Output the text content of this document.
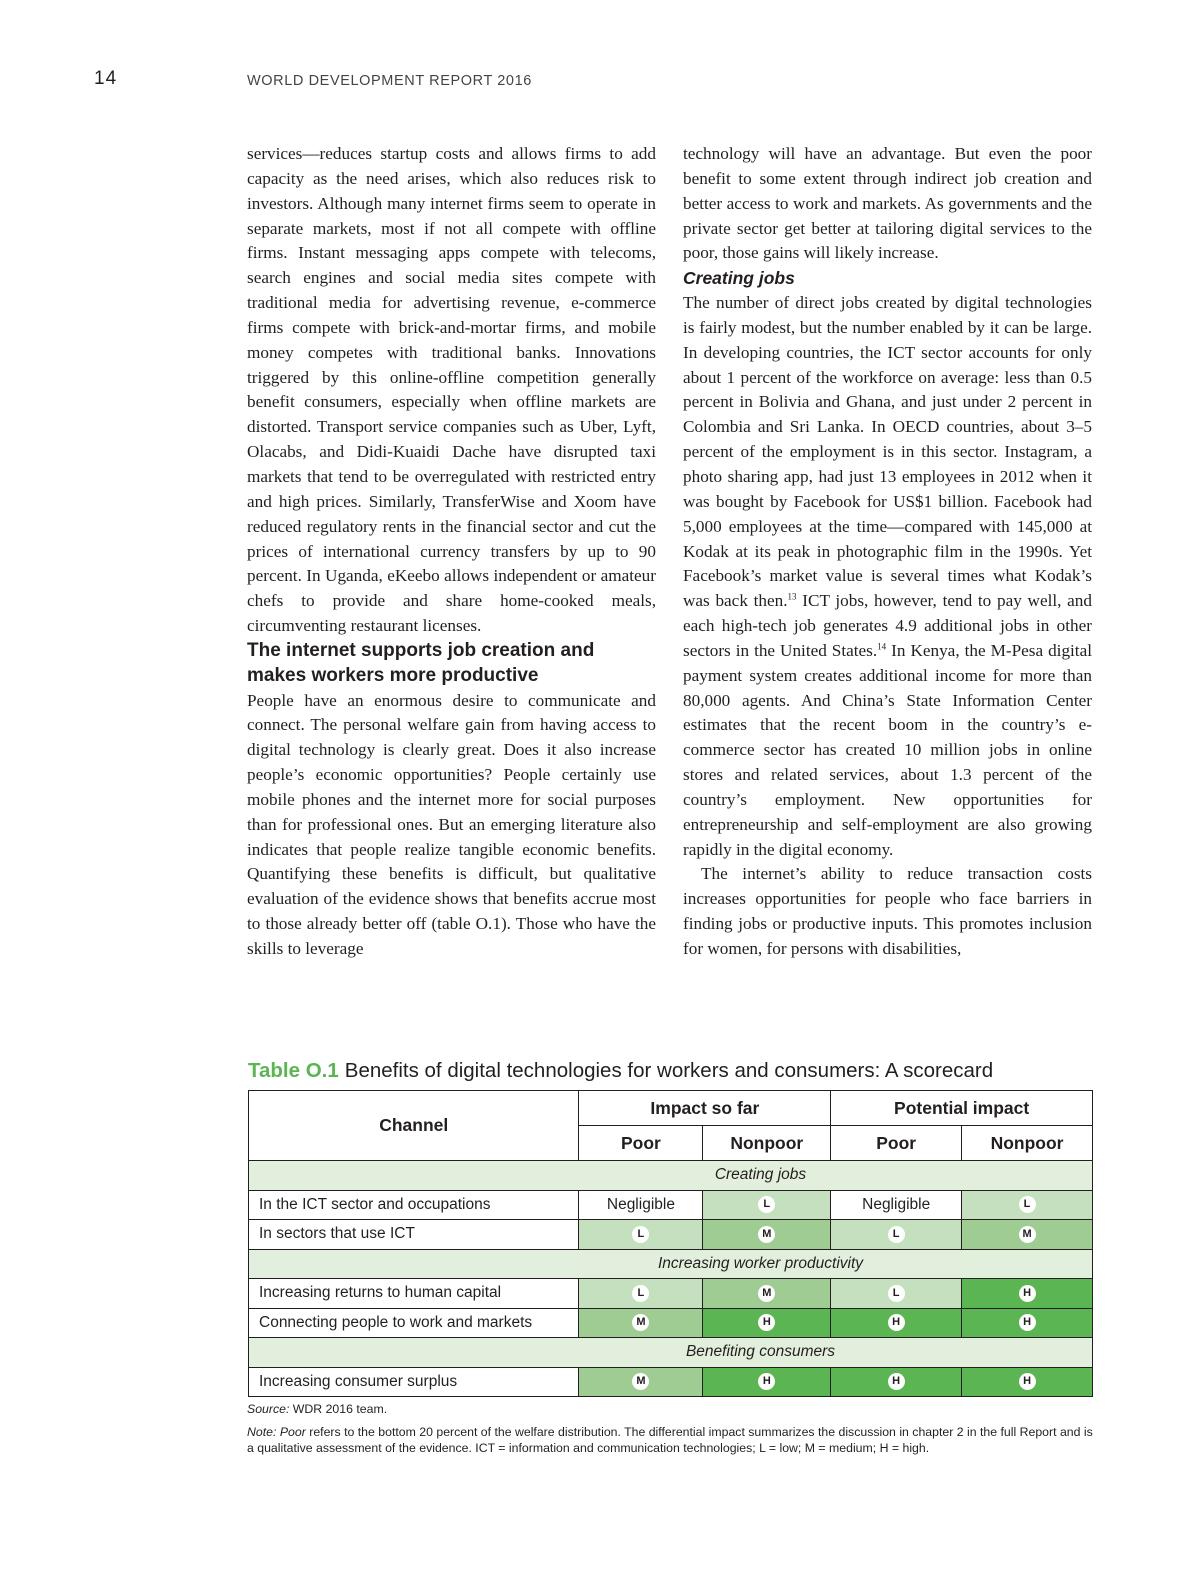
14	WORLD DEVELOPMENT REPORT 2016

services—reduces startup costs and allows firms to add capacity as the need arises, which also reduces risk to investors. Although many internet firms seem to operate in separate markets, most if not all compete with offline firms. Instant messaging apps compete with telecoms, search engines and social media sites compete with traditional media for advertising revenue, e-commerce firms compete with brick-and-mortar firms, and mobile money competes with traditional banks. Innovations triggered by this online-offline competition generally benefit consumers, especially when offline markets are distorted. Transport service companies such as Uber, Lyft, Olacabs, and Didi-Kuaidi Dache have disrupted taxi markets that tend to be overregulated with restricted entry and high prices. Similarly, TransferWise and Xoom have reduced regulatory rents in the financial sector and cut the prices of international currency transfers by up to 90 percent. In Uganda, eKeebo allows independent or amateur chefs to provide and share home-cooked meals, circumventing restaurant licenses.

The internet supports job creation and makes workers more productive

People have an enormous desire to communicate and connect. The personal welfare gain from having access to digital technology is clearly great. Does it also increase people’s economic opportunities? People certainly use mobile phones and the internet more for social purposes than for professional ones. But an emerging literature also indicates that people realize tangible economic benefits. Quantifying these benefits is difficult, but qualitative evaluation of the evidence shows that benefits accrue most to those already better off (table O.1). Those who have the skills to leverage

technology will have an advantage. But even the poor benefit to some extent through indirect job creation and better access to work and markets. As governments and the private sector get better at tailoring digital services to the poor, those gains will likely increase.

Creating jobs

The number of direct jobs created by digital technologies is fairly modest, but the number enabled by it can be large. In developing countries, the ICT sector accounts for only about 1 percent of the workforce on average: less than 0.5 percent in Bolivia and Ghana, and just under 2 percent in Colombia and Sri Lanka. In OECD countries, about 3–5 percent of the employment is in this sector. Instagram, a photo sharing app, had just 13 employees in 2012 when it was bought by Facebook for US$1 billion. Facebook had 5,000 employees at the time—compared with 145,000 at Kodak at its peak in photographic film in the 1990s. Yet Facebook’s market value is several times what Kodak’s was back then.$^{13}$ ICT jobs, however, tend to pay well, and each high-tech job generates 4.9 additional jobs in other sectors in the United States.$^{14}$ In Kenya, the M-Pesa digital payment system creates additional income for more than 80,000 agents. And China’s State Information Center estimates that the recent boom in the country’s e-commerce sector has created 10 million jobs in online stores and related services, about 1.3 percent of the country’s employment. New opportunities for entrepreneurship and self-employment are also growing rapidly in the digital economy.

The internet’s ability to reduce transaction costs increases opportunities for people who face barriers in finding jobs or productive inputs. This promotes inclusion for women, for persons with disabilities,

Table O.1 Benefits of digital technologies for workers and consumers: A scorecard
Channel	Impact so far		Potential impact	
	Poor	Nonpoor	Poor	Nonpoor
Creating jobs				
In the ICT sector and occupations	Negligible	L	Negligible	L
In sectors that use ICT	L	M	L	M
Increasing worker productivity				
Increasing returns to human capital	L	M	L	H
Connecting people to work and markets	M	H	H	H
Benefiting consumers				
Increasing consumer surplus	M	H	H	H

Source: WDR 2016 team.

Note: Poor refers to the bottom 20 percent of the welfare distribution. The differential impact summarizes the discussion in chapter 2 in the full Report and is a qualitative assessment of the evidence. ICT = information and communication technologies; L = low; M = medium; H = high.
